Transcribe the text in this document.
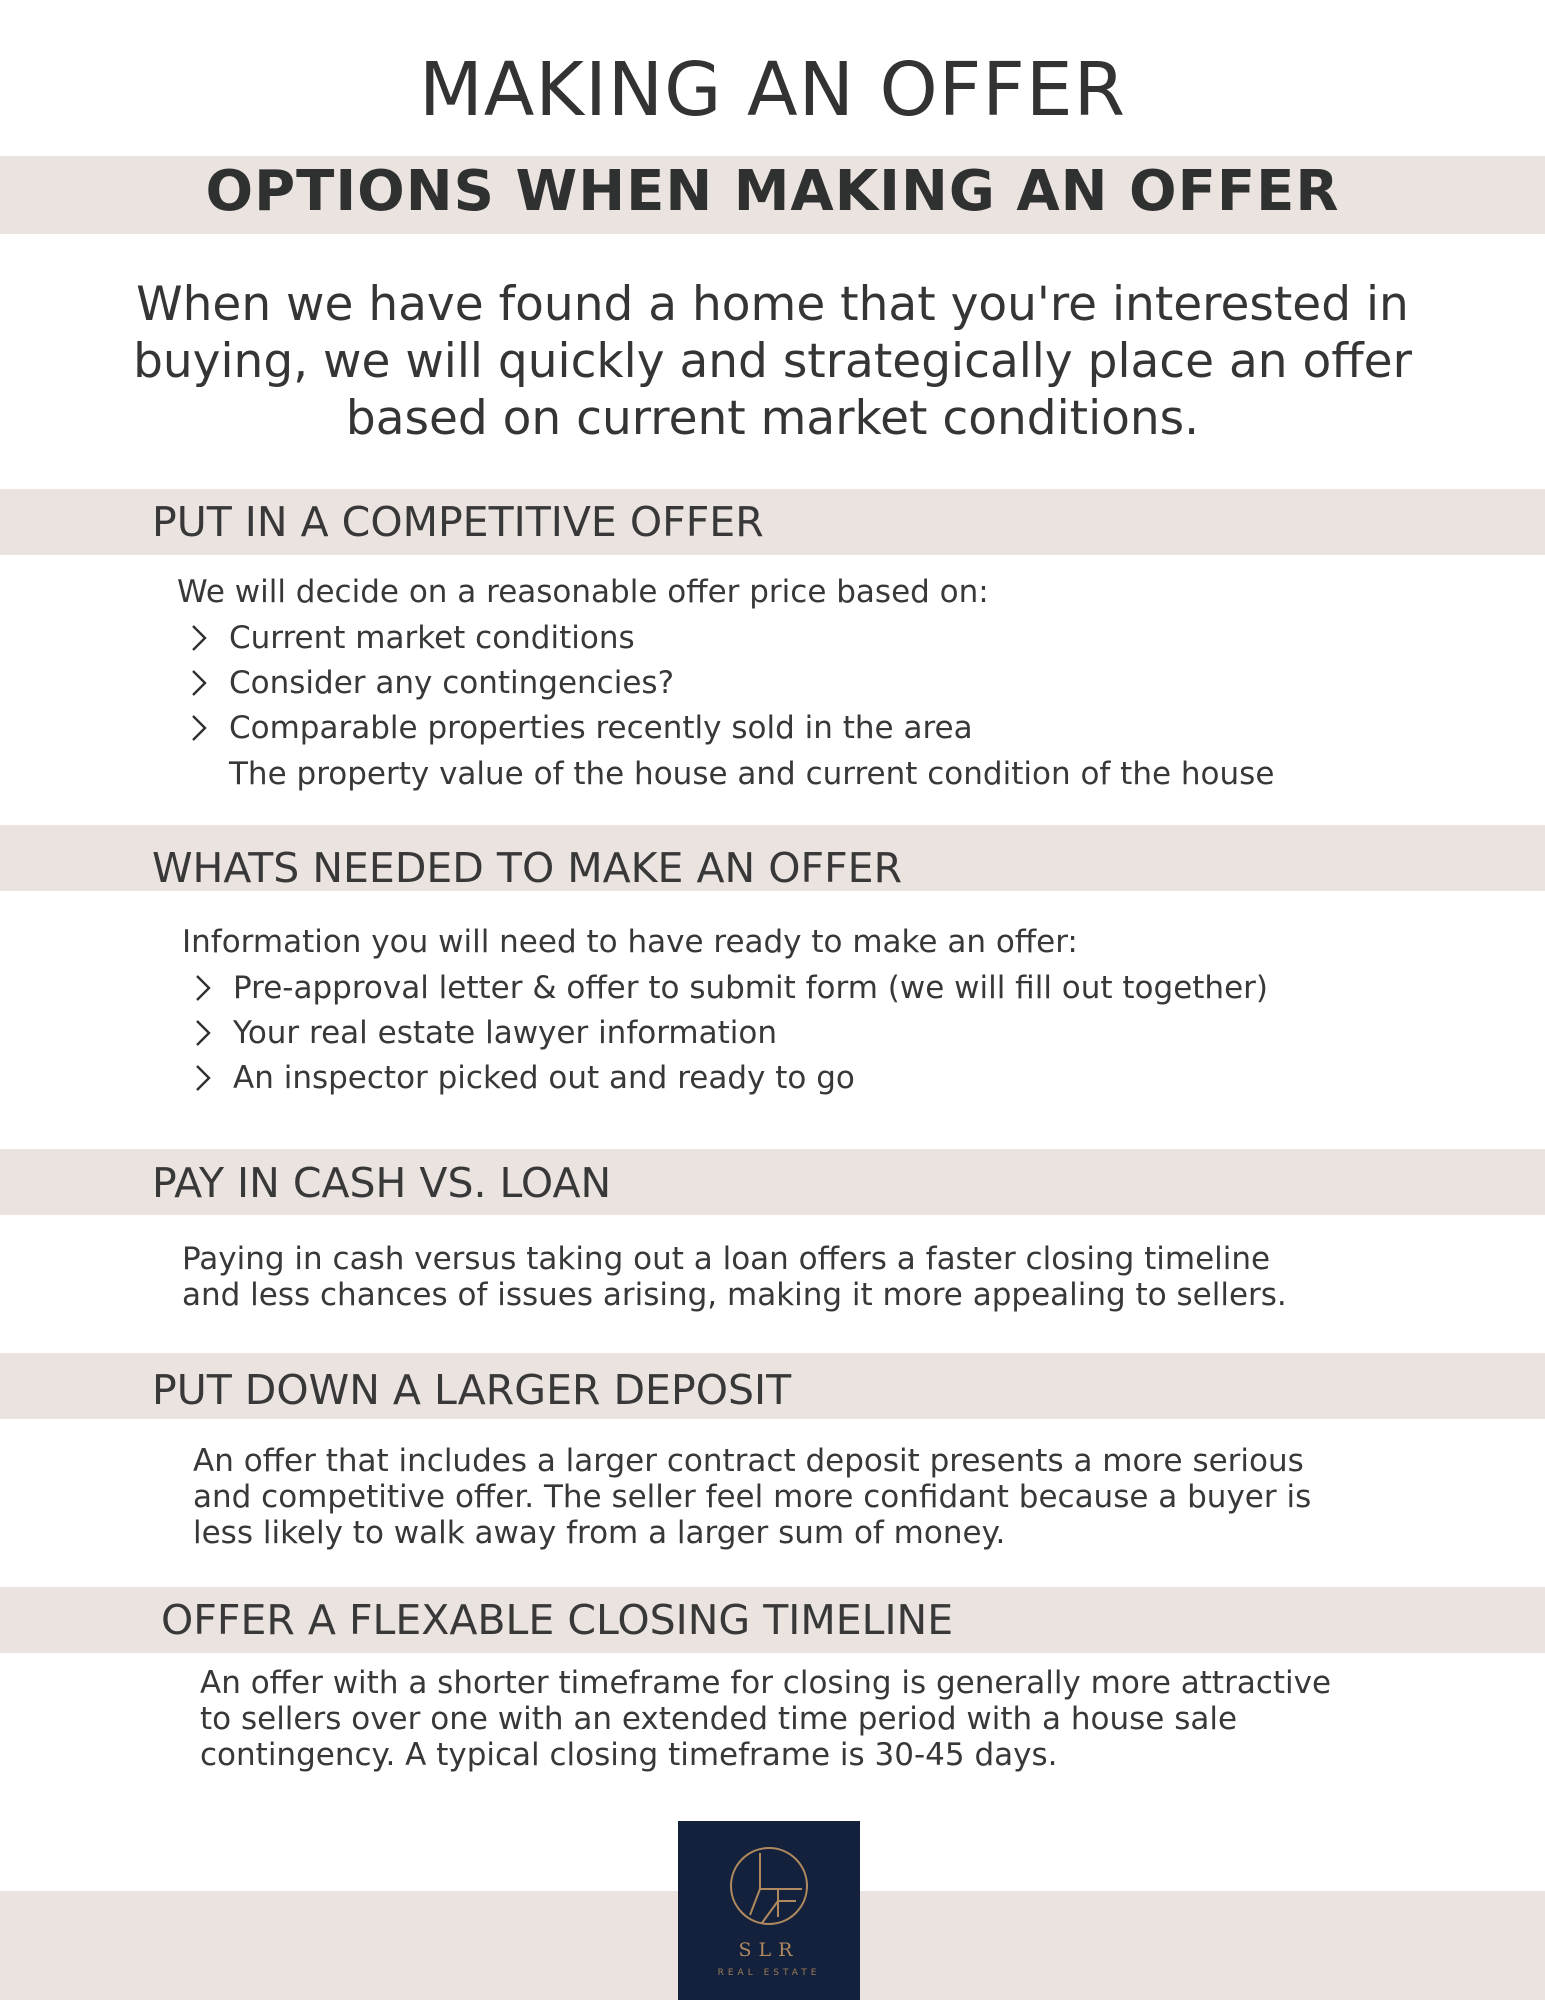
MAKING AN OFFER
OPTIONS WHEN MAKING AN OFFER
When we have found a home that you're interested in
buying, we will quickly and strategically place an offer
based on current market conditions.
PUT IN A COMPETITIVE OFFER
We will decide on a reasonable offer price based on:
Current market conditions
Consider any contingencies?
Comparable properties recently sold in the area
The property value of the house and current condition of the house
WHATS NEEDED TO MAKE AN OFFER
Information you will need to have ready to make an offer:
Pre-approval letter & offer to submit form (we will fill out together)
Your real estate lawyer information
An inspector picked out and ready to go
PAY IN CASH VS. LOAN
Paying in cash versus taking out a loan offers a faster closing timeline
and less chances of issues arising, making it more appealing to sellers.
PUT DOWN A LARGER DEPOSIT
An offer that includes a larger contract deposit presents a more serious
and competitive offer. The seller feel more confidant because a buyer is
less likely to walk away from a larger sum of money.
OFFER A FLEXABLE CLOSING TIMELINE
An offer with a shorter timeframe for closing is generally more attractive
to sellers over one with an extended time period with a house sale
contingency. A typical closing timeframe is 30-45 days.
SLR
REAL ESTATE
